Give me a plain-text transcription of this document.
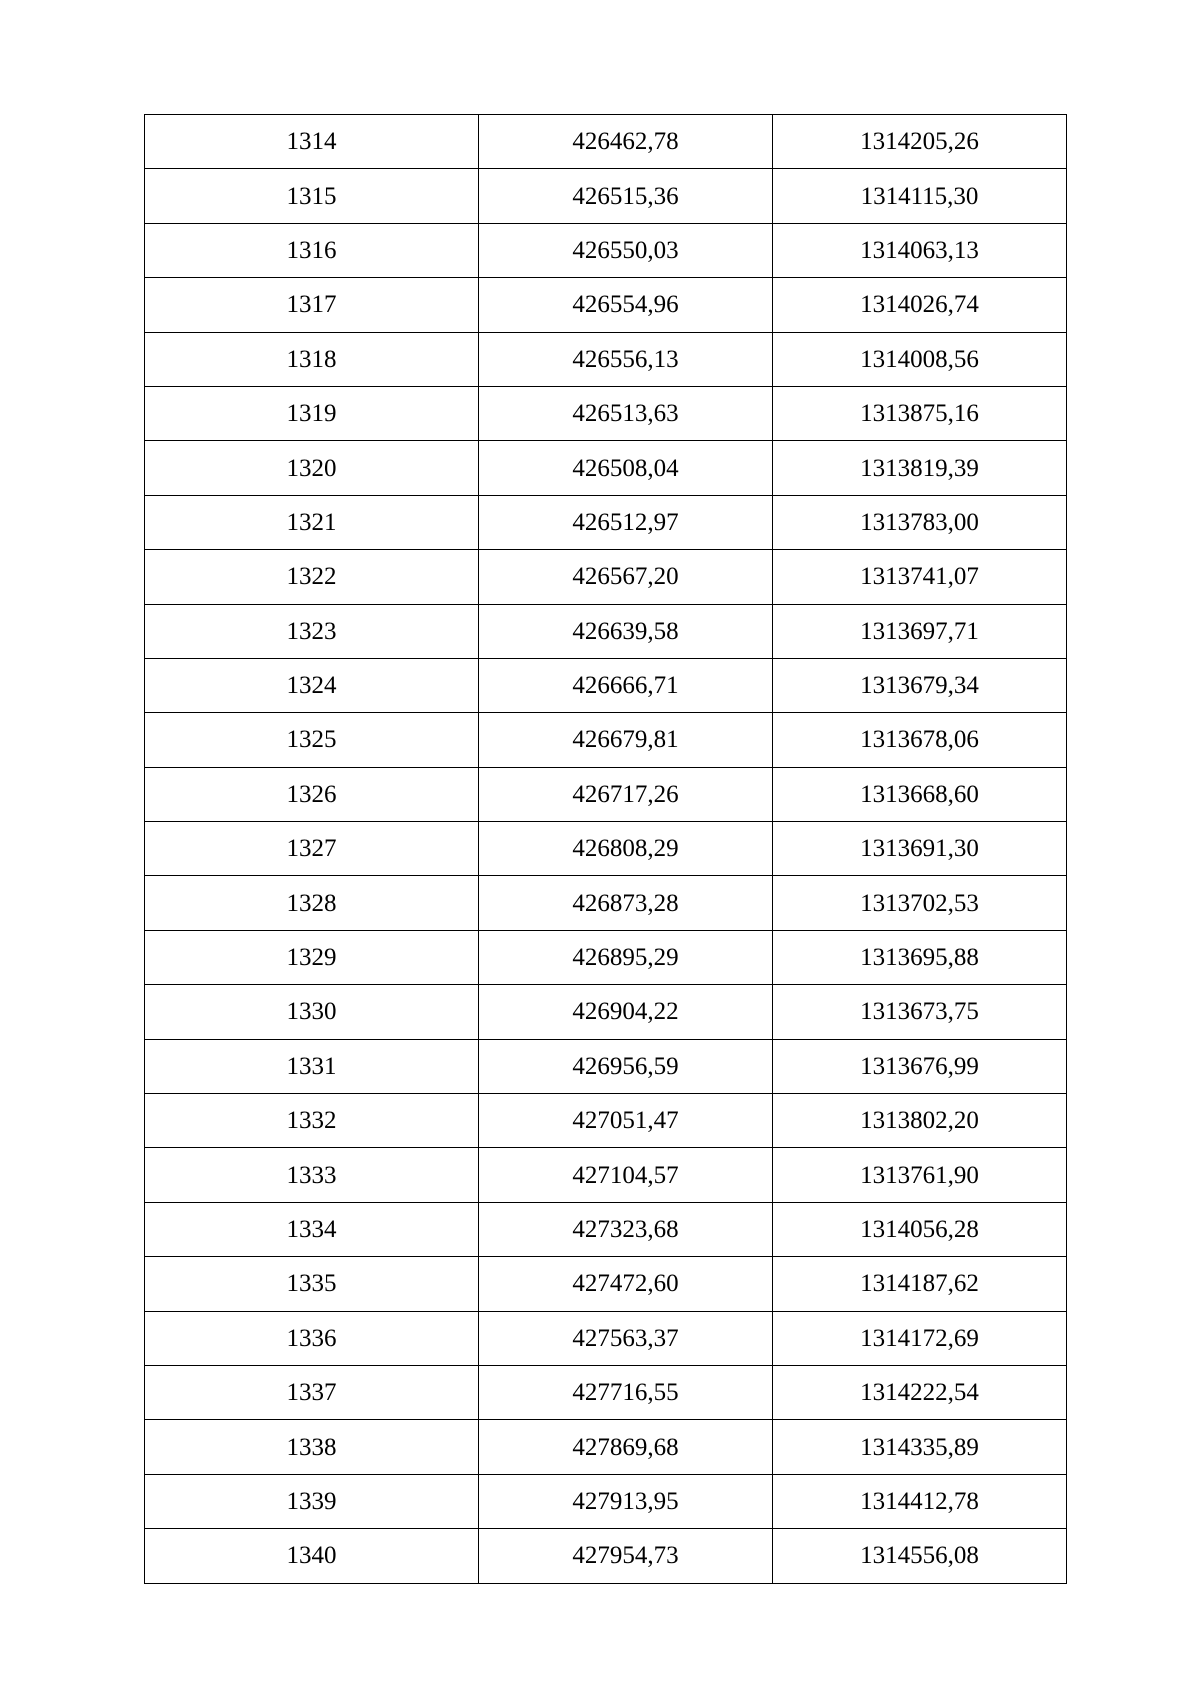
1314	426462,78	1314205,26
1315	426515,36	1314115,30
1316	426550,03	1314063,13
1317	426554,96	1314026,74
1318	426556,13	1314008,56
1319	426513,63	1313875,16
1320	426508,04	1313819,39
1321	426512,97	1313783,00
1322	426567,20	1313741,07
1323	426639,58	1313697,71
1324	426666,71	1313679,34
1325	426679,81	1313678,06
1326	426717,26	1313668,60
1327	426808,29	1313691,30
1328	426873,28	1313702,53
1329	426895,29	1313695,88
1330	426904,22	1313673,75
1331	426956,59	1313676,99
1332	427051,47	1313802,20
1333	427104,57	1313761,90
1334	427323,68	1314056,28
1335	427472,60	1314187,62
1336	427563,37	1314172,69
1337	427716,55	1314222,54
1338	427869,68	1314335,89
1339	427913,95	1314412,78
1340	427954,73	1314556,08
